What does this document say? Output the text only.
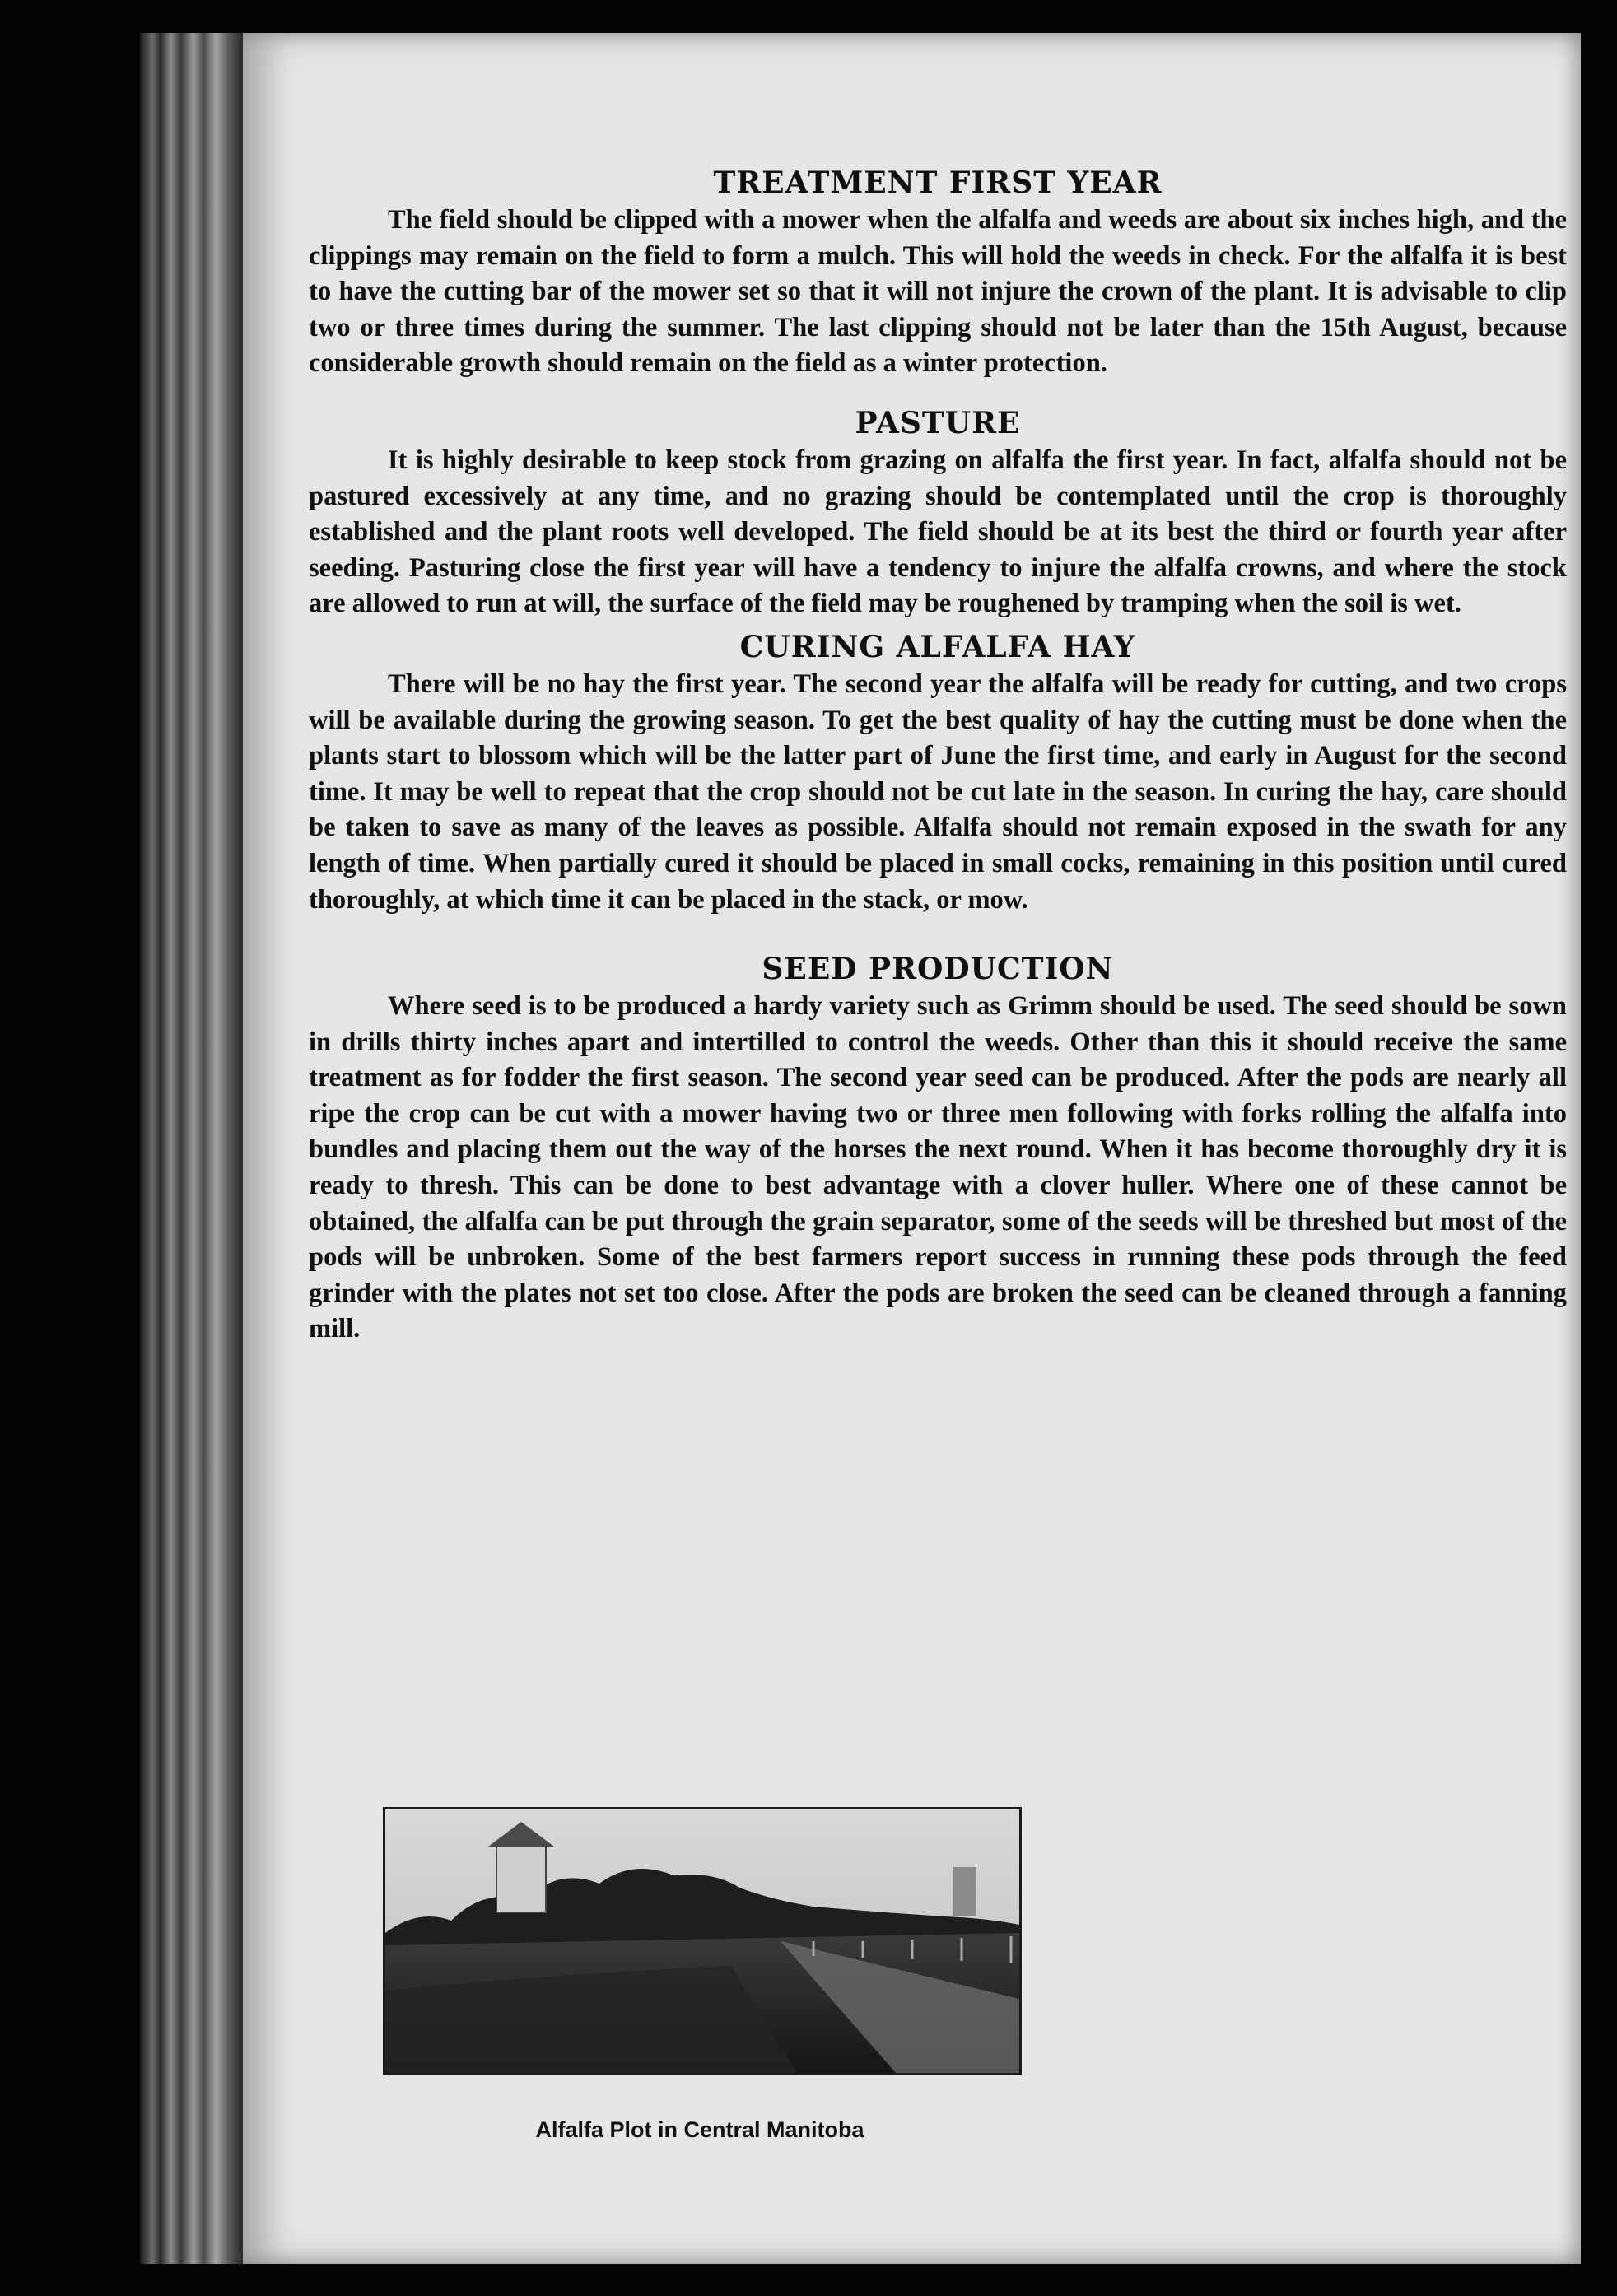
TREATMENT FIRST YEAR

The field should be clipped with a mower when the alfalfa and weeds are about six inches high, and the clippings may remain on the field to form a mulch. This will hold the weeds in check. For the alfalfa it is best to have the cutting bar of the mower set so that it will not injure the crown of the plant. It is advisable to clip two or three times during the summer. The last clipping should not be later than the 15th August, because considerable growth should remain on the field as a winter protection.

PASTURE

It is highly desirable to keep stock from grazing on alfalfa the first year. In fact, alfalfa should not be pastured excessively at any time, and no grazing should be contemplated until the crop is thoroughly established and the plant roots well developed. The field should be at its best the third or fourth year after seeding. Pasturing close the first year will have a tendency to injure the alfalfa crowns, and where the stock are allowed to run at will, the surface of the field may be roughened by tramping when the soil is wet.

CURING ALFALFA HAY

There will be no hay the first year. The second year the alfalfa will be ready for cutting, and two crops will be available during the growing season. To get the best quality of hay the cutting must be done when the plants start to blossom which will be the latter part of June the first time, and early in August for the second time. It may be well to repeat that the crop should not be cut late in the season. In curing the hay, care should be taken to save as many of the leaves as possible. Alfalfa should not remain exposed in the swath for any length of time. When partially cured it should be placed in small cocks, remaining in this position until cured thoroughly, at which time it can be placed in the stack, or mow.

SEED PRODUCTION

Where seed is to be produced a hardy variety such as Grimm should be used. The seed should be sown in drills thirty inches apart and intertilled to control the weeds. Other than this it should receive the same treatment as for fodder the first season. The second year seed can be produced. After the pods are nearly all ripe the crop can be cut with a mower having two or three men following with forks rolling the alfalfa into bundles and placing them out the way of the horses the next round. When it has become thoroughly dry it is ready to thresh. This can be done to best advantage with a clover huller. Where one of these cannot be obtained, the alfalfa can be put through the grain separator, some of the seeds will be threshed but most of the pods will be unbroken. Some of the best farmers report success in running these pods through the feed grinder with the plates not set too close. After the pods are broken the seed can be cleaned through a fanning mill.

Alfalfa Plot in Central Manitoba
